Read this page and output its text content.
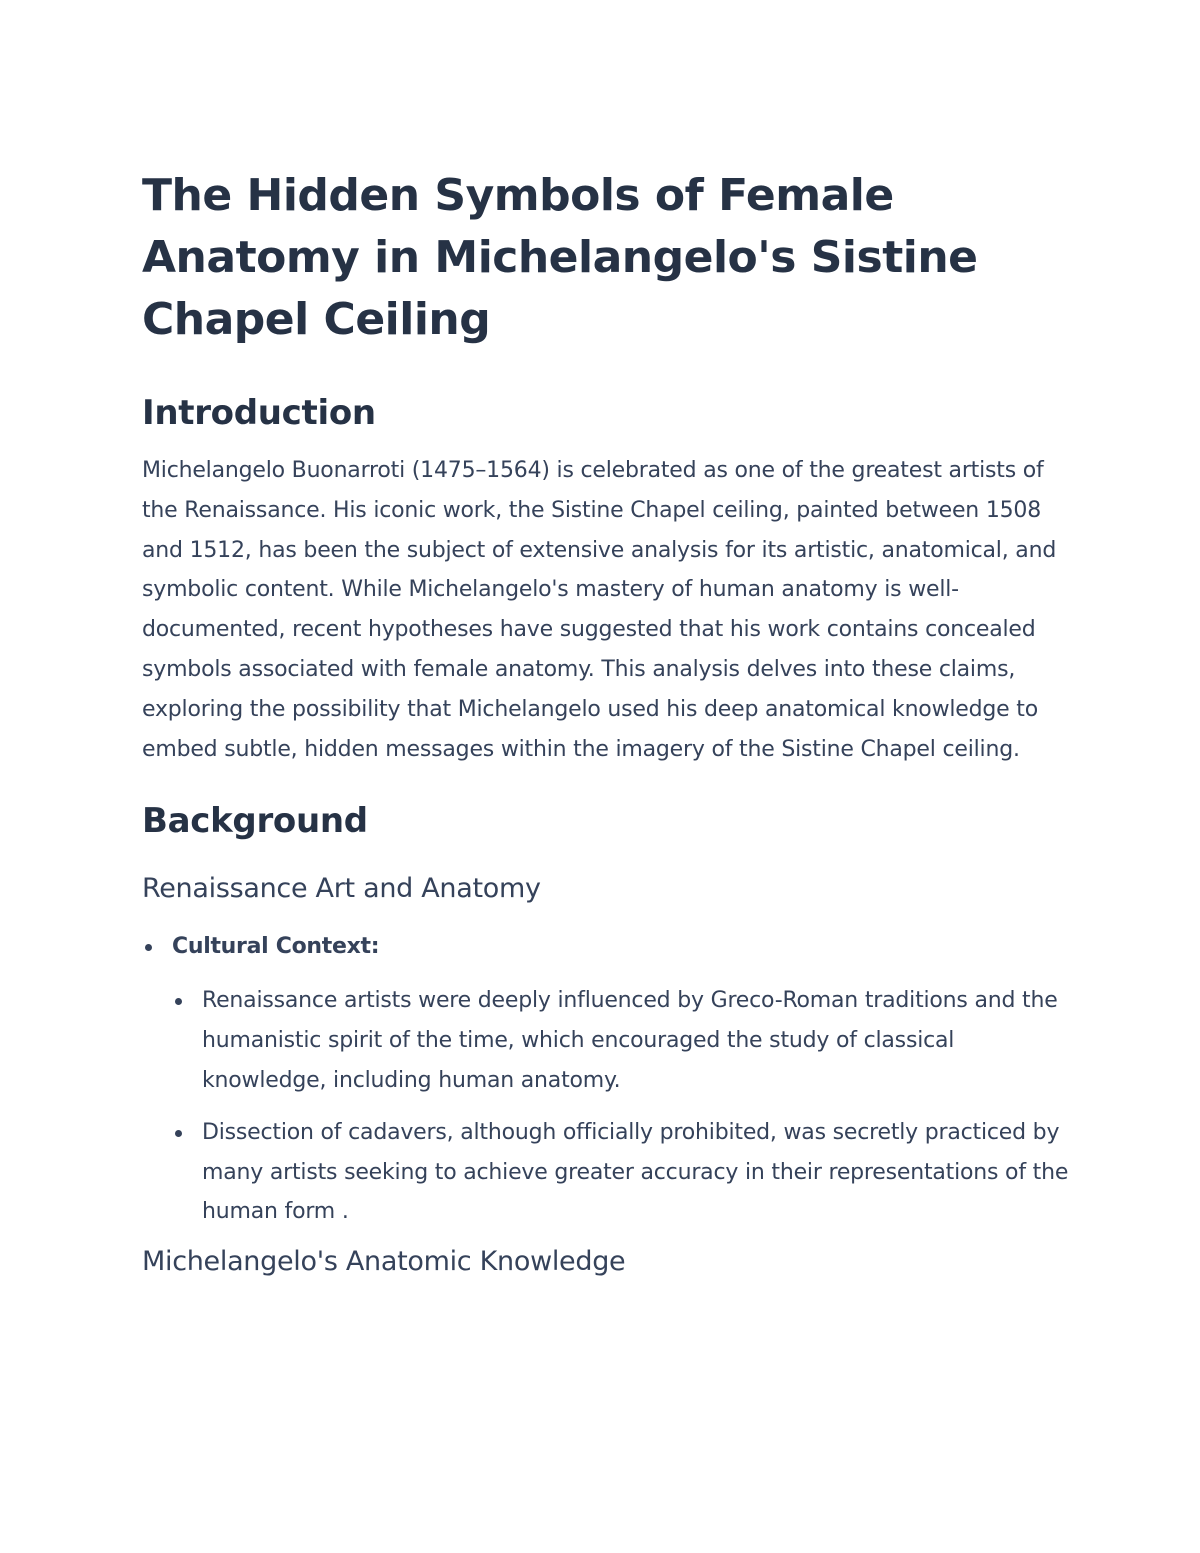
The Hidden Symbols of Female Anatomy in Michelangelo's Sistine Chapel Ceiling
Introduction

Michelangelo Buonarroti (1475–1564) is celebrated as one of the greatest artists of the Renaissance. His iconic work, the Sistine Chapel ceiling, painted between 1508 and 1512, has been the subject of extensive analysis for its artistic, anatomical, and symbolic content. While Michelangelo's mastery of human anatomy is well-documented, recent hypotheses have suggested that his work contains concealed symbols associated with female anatomy. This analysis delves into these claims, exploring the possibility that Michelangelo used his deep anatomical knowledge to embed subtle, hidden messages within the imagery of the Sistine Chapel ceiling.

Background
Renaissance Art and Anatomy
Cultural Context:
Renaissance artists were deeply influenced by Greco-Roman traditions and the humanistic spirit of the time, which encouraged the study of classical knowledge, including human anatomy.
Dissection of cadavers, although officially prohibited, was secretly practiced by many artists seeking to achieve greater accuracy in their representations of the human form .
Michelangelo's Anatomic Knowledge
